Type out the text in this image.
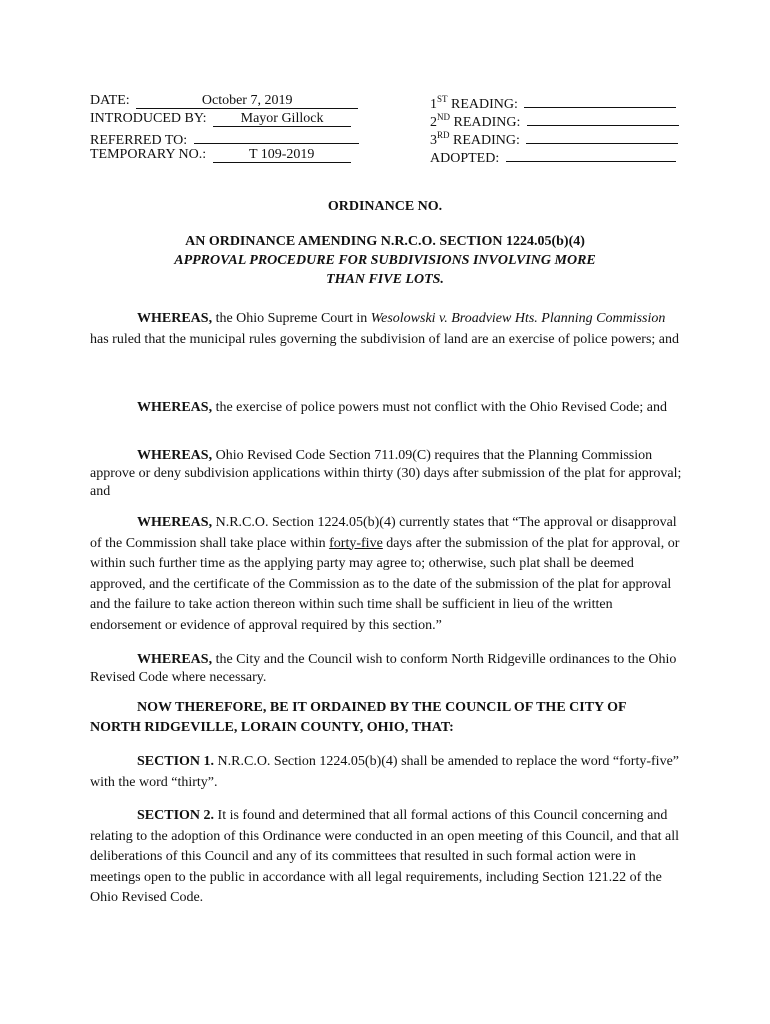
DATE:	October 7, 2019
INTRODUCED BY: Mayor Gillock
REFERRED TO:
TEMPORARY NO.:	T 109-2019
1ST READING:
2ND READING:
3RD READING:
ADOPTED:
ORDINANCE NO.
AN ORDINANCE AMENDING N.R.C.O. SECTION 1224.05(b)(4)
APPROVAL PROCEDURE FOR SUBDIVISIONS INVOLVING MORE
THAN FIVE LOTS.

WHEREAS, the Ohio Supreme Court in Wesolowski v. Broadview Hts. Planning Commission has ruled that the municipal rules governing the subdivision of land are an exercise of police powers; and

WHEREAS, the exercise of police powers must not conflict with the Ohio Revised Code; and

WHEREAS, Ohio Revised Code Section 711.09(C) requires that the Planning Commission approve or deny subdivision applications within thirty (30) days after submission of the plat for approval; and

WHEREAS, N.R.C.O. Section 1224.05(b)(4) currently states that “The approval or disapproval of the Commission shall take place within forty-five days after the submission of the plat for approval, or within such further time as the applying party may agree to; otherwise, such plat shall be deemed approved, and the certificate of the Commission as to the date of the submission of the plat for approval and the failure to take action thereon within such time shall be sufficient in lieu of the written endorsement or evidence of approval required by this section.”

WHEREAS, the City and the Council wish to conform North Ridgeville ordinances to the Ohio Revised Code where necessary.

NOW THEREFORE, BE IT ORDAINED BY THE COUNCIL OF THE CITY OF NORTH RIDGEVILLE, LORAIN COUNTY, OHIO, THAT:

SECTION 1. N.R.C.O. Section 1224.05(b)(4) shall be amended to replace the word “forty-five” with the word “thirty”.

SECTION 2. It is found and determined that all formal actions of this Council concerning and relating to the adoption of this Ordinance were conducted in an open meeting of this Council, and that all deliberations of this Council and any of its committees that resulted in such formal action were in meetings open to the public in accordance with all legal requirements, including Section 121.22 of the Ohio Revised Code.
